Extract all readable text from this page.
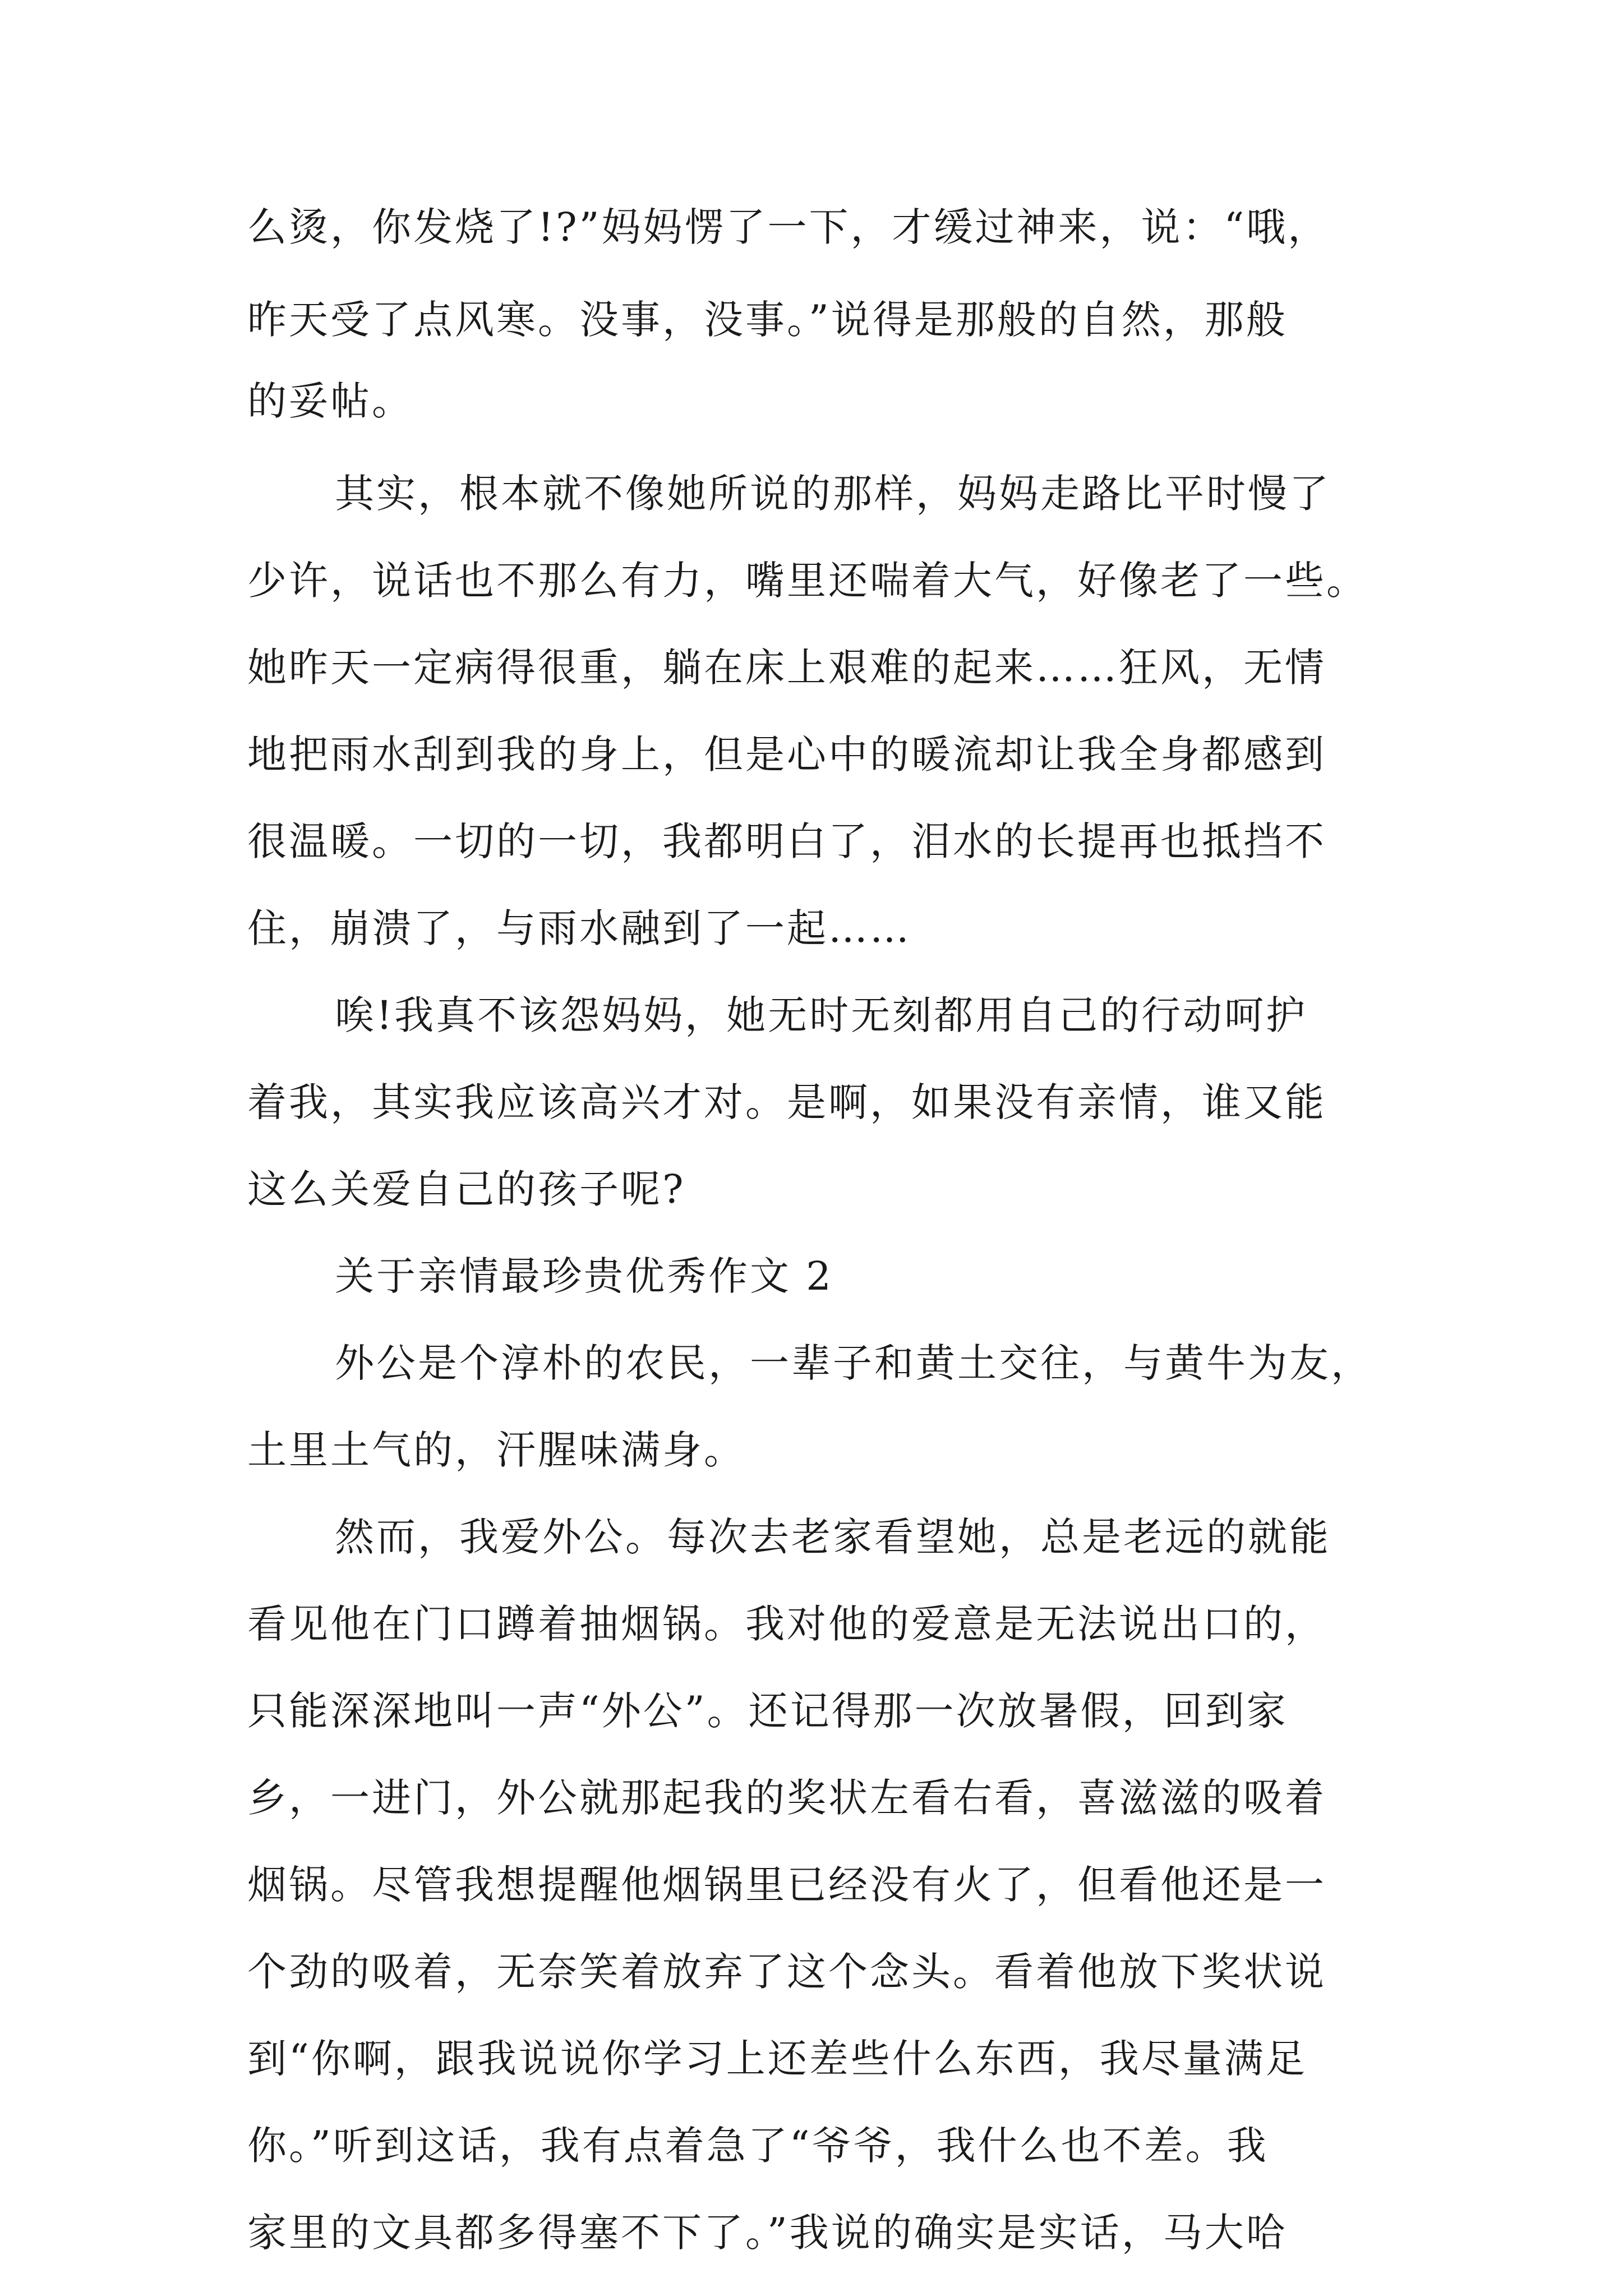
么烫，你发烧了!?”妈妈愣了一下，才缓过神来，说：“哦，
昨天受了点风寒。没事，没事。”说得是那般的自然，那般
的妥帖。
其实，根本就不像她所说的那样，妈妈走路比平时慢了
少许，说话也不那么有力，嘴里还喘着大气，好像老了一些。
她昨天一定病得很重，躺在床上艰难的起来……狂风，无情
地把雨水刮到我的身上，但是心中的暖流却让我全身都感到
很温暖。一切的一切，我都明白了，泪水的长提再也抵挡不
住，崩溃了，与雨水融到了一起……
唉!我真不该怨妈妈，她无时无刻都用自己的行动呵护
着我，其实我应该高兴才对。是啊，如果没有亲情，谁又能
这么关爱自己的孩子呢?
关于亲情最珍贵优秀作文 2
外公是个淳朴的农民，一辈子和黄土交往，与黄牛为友，
土里土气的，汗腥味满身。
然而，我爱外公。每次去老家看望她，总是老远的就能
看见他在门口蹲着抽烟锅。我对他的爱意是无法说出口的，
只能深深地叫一声“外公”。还记得那一次放暑假，回到家
乡，一进门，外公就那起我的奖状左看右看，喜滋滋的吸着
烟锅。尽管我想提醒他烟锅里已经没有火了，但看他还是一
个劲的吸着，无奈笑着放弃了这个念头。看着他放下奖状说
到“你啊，跟我说说你学习上还差些什么东西，我尽量满足
你。”听到这话，我有点着急了“爷爷，我什么也不差。我
家里的文具都多得塞不下了。”我说的确实是实话，马大哈
